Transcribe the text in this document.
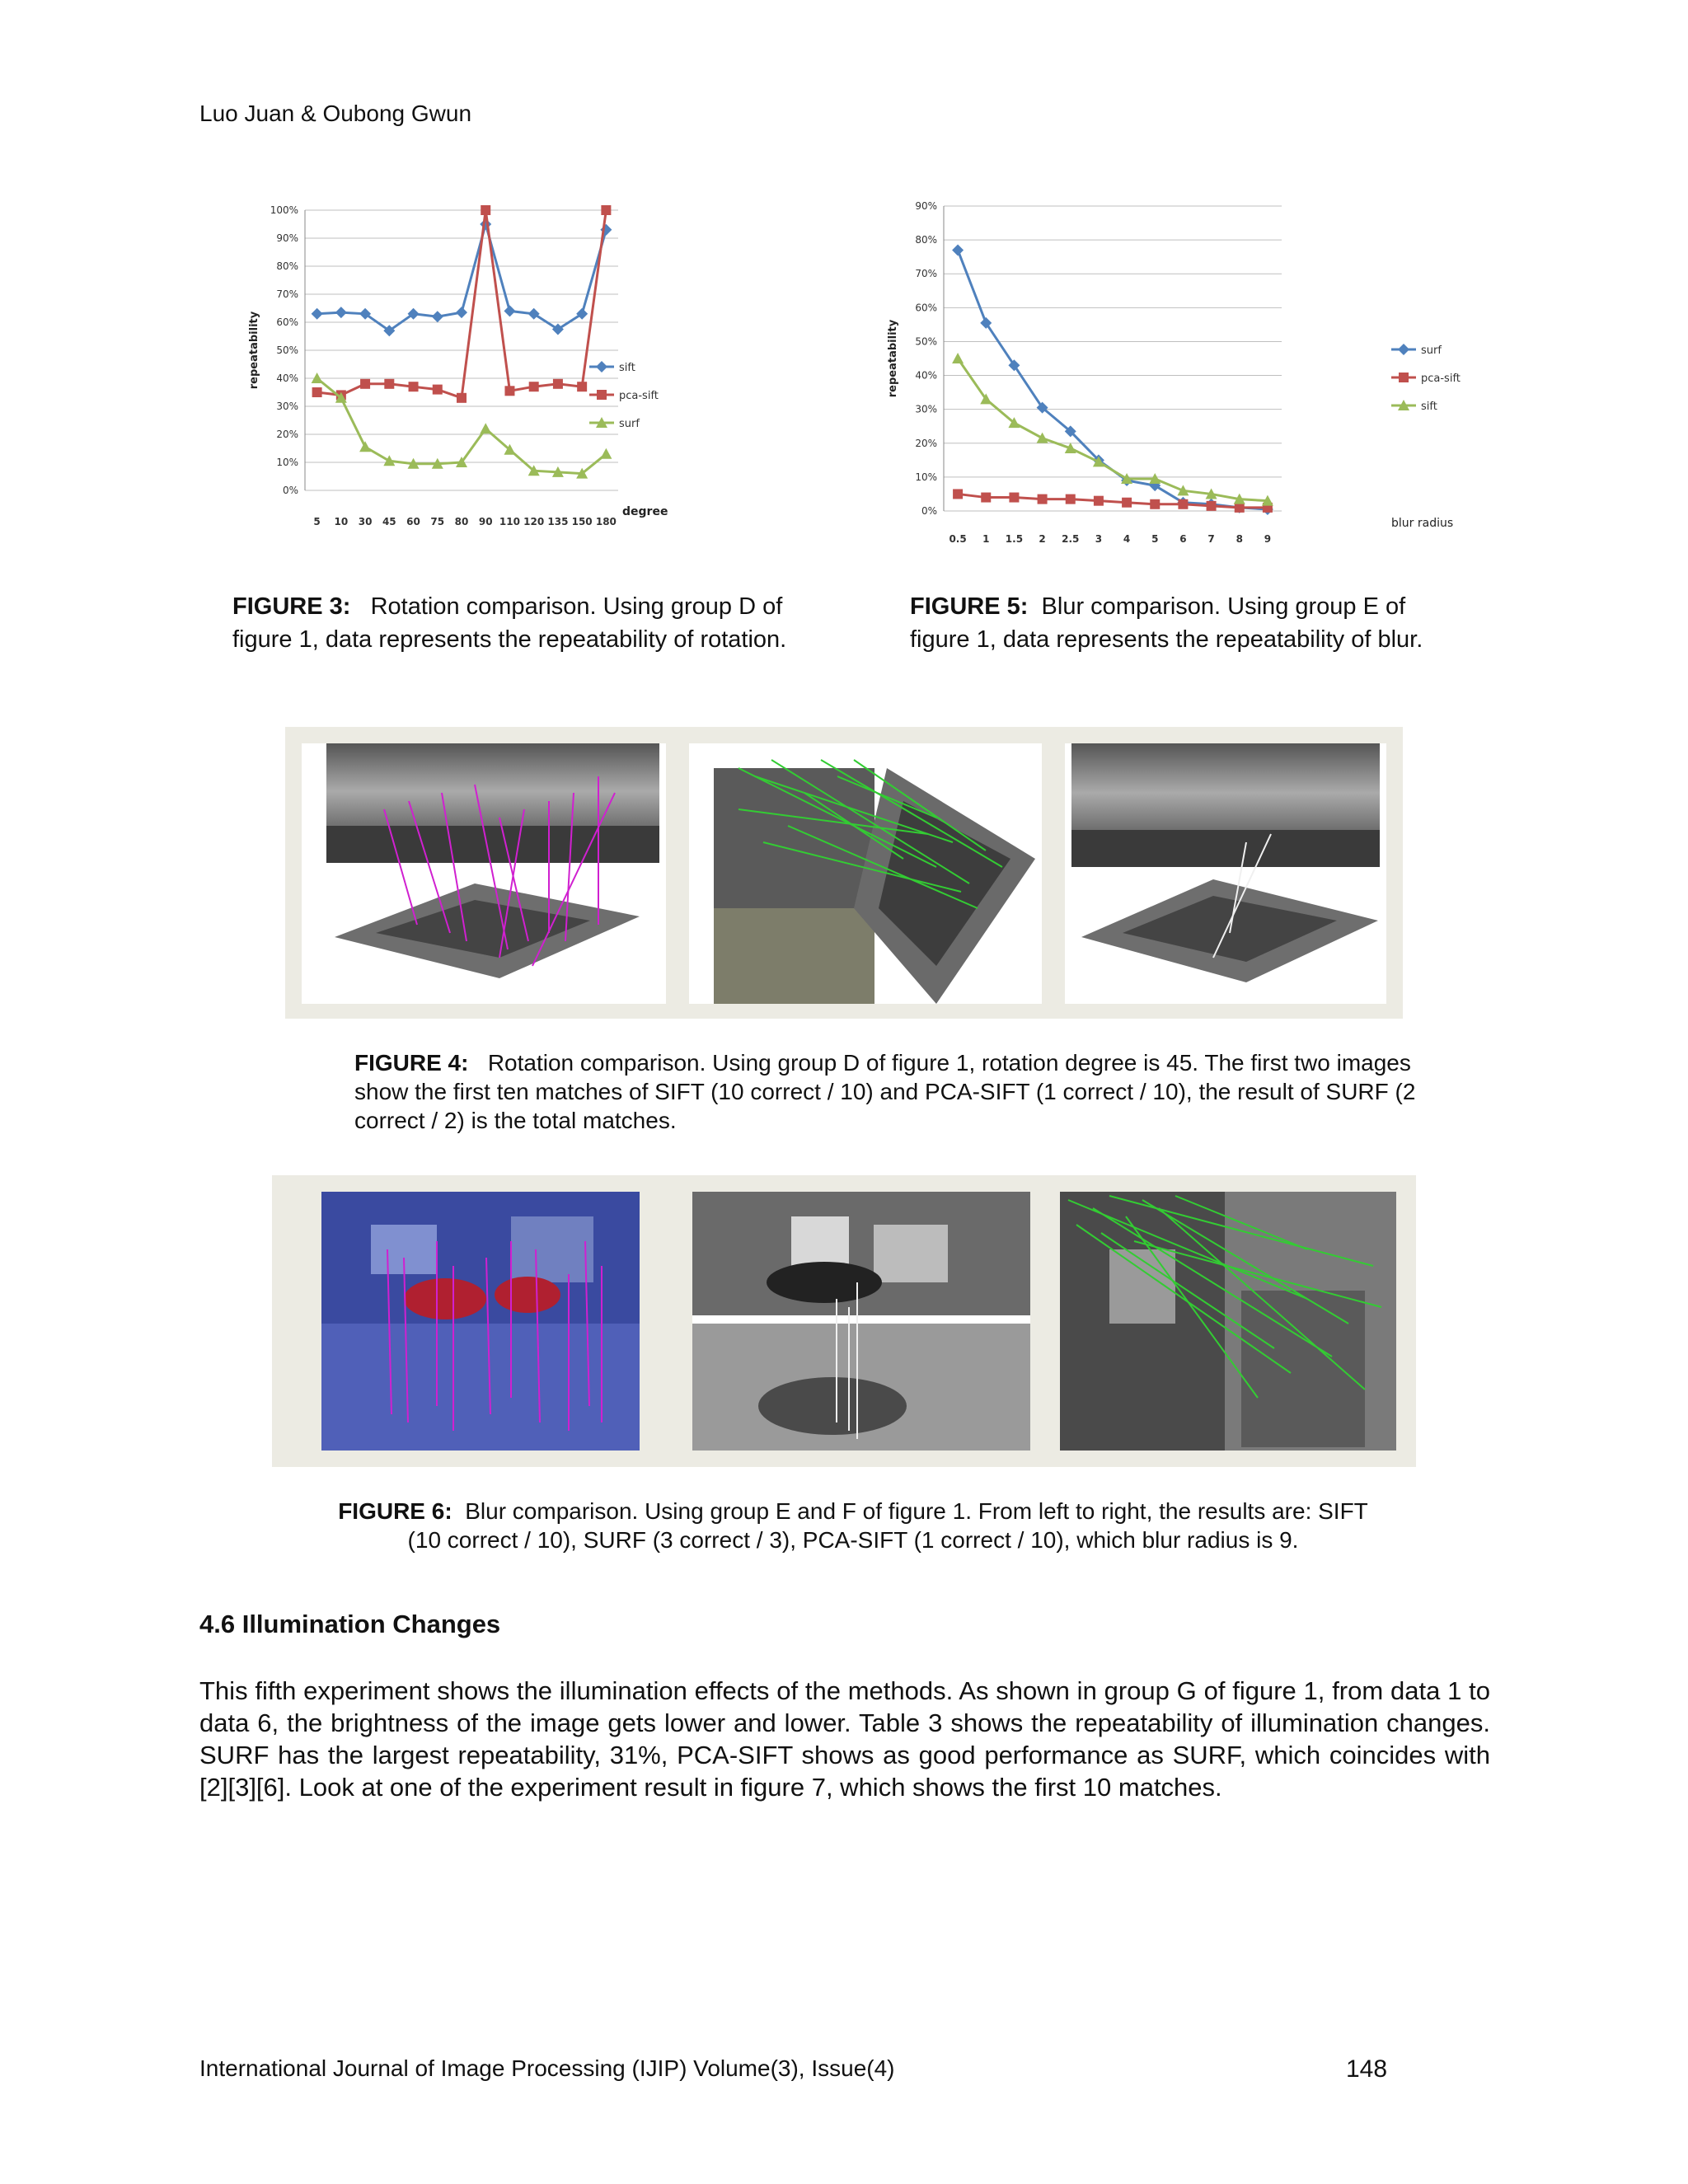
Luo Juan & Oubong Gwun
0%
10%
20%
30%
40%
50%
60%
70%
80%
90%
100%
5 10 30 45 60 75 80 90 110 120 135 150 180
repeatability
degree
sift
pca-sift
surf
0%
10%
20%
30%
40%
50%
60%
70%
80%
90%
0.5 1 1.5 2 2.5 3 4 5 6 7 8 9
repeatability
blur radius
surf
pca-sift
sift
FIGURE 3: Rotation comparison. Using group D of figure 1, data represents the repeatability of rotation.
FIGURE 5: Blur comparison. Using group E of figure 1, data represents the repeatability of blur.
FIGURE 4: Rotation comparison. Using group D of figure 1, rotation degree is 45. The first two images show the first ten matches of SIFT (10 correct / 10) and PCA-SIFT (1 correct / 10), the result of SURF (2 correct / 2) is the total matches.
FIGURE 6: Blur comparison. Using group E and F of figure 1. From left to right, the results are: SIFT (10 correct / 10), SURF (3 correct / 3), PCA-SIFT (1 correct / 10), which blur radius is 9.
4.6 Illumination Changes
This fifth experiment shows the illumination effects of the methods. As shown in group G of figure 1, from data 1 to data 6, the brightness of the image gets lower and lower. Table 3 shows the repeatability of illumination changes. SURF has the largest repeatability, 31%, PCA-SIFT shows as good performance as SURF, which coincides with [2][3][6]. Look at one of the experiment result in figure 7, which shows the first 10 matches.
International Journal of Image Processing (IJIP) Volume(3), Issue(4)	148
